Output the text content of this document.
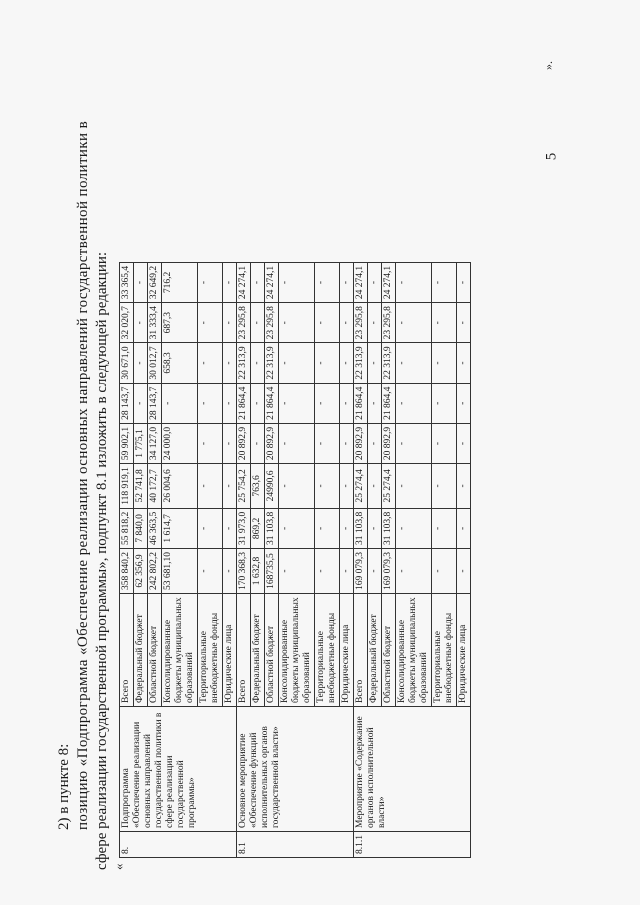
5
2) в пункте 8: позицию «Подпрограмма «Обеспечение реализации основных направлений государственной политики в сфере реализации государственной программы», подпункт 8.1 изложить в следующей редакции: «
8.	Подпрограмма «Обеспечение реализации основных направлений государственной политики в сфере реализации государственной программы»	Всего	358 840,2	55 818,2	118 919,1	59 902,1	28 143,7	30 671,0	32 020,7	33 365,4
		Федеральный бюджет	62 356,9	7 840,0	52 741,8	1 775,1	-	-	-	-
		Областной бюджет	242 802,2	46 363,5	40 172,7	34 127,0	28 143,7	30 012,7	31 333,4	32 649,2
		Консолидированные бюджеты муниципальных образований	53 681,10	1 614,7	26 004,6	24 000,0	-	658,3	687,3	716,2
		Территориальные внебюджетные фонды	-	-	-	-	-	-	-	-
		Юридические лица	-	-	-	-	-	-	-	-
8.1	Основное мероприятие «Обеспечение функций исполнительных органов государственной власти»	Всего	170 368,3	31 973,0	25 754,2	20 892,9	21 864,4	22 313,9	23 295,8	24 274,1
		Федеральный бюджет	1 632,8	869,2	763,6	-	-	-	-	-
		Областной бюджет	168735,5	31 103,8	24990,6	20 892,9	21 864,4	22 313,9	23 295,8	24 274,1
		Консолидированные бюджеты муниципальных образований	-	-	-	-	-	-	-	-
		Территориальные внебюджетные фонды	-	-	-	-	-	-	-	-
		Юридические лица	-	-	-	-	-	-	-	-
8.1.1	Мероприятие «Содержание органов исполнительной власти»	Всего	169 079,3	31 103,8	25 274,4	20 892,9	21 864,4	22 313,9	23 295,8	24 274,1
		Федеральный бюджет	-	-	-	-	-	-	-	-
		Областной бюджет	169 079,3	31 103,8	25 274,4	20 892,9	21 864,4	22 313,9	23 295,8	24 274,1
		Консолидированные бюджеты муниципальных образований	-	-	-	-	-	-	-	-
		Территориальные внебюджетные фонды	-	-	-	-	-	-	-	-
		Юридические лица	-	-	-	-	-	-	-	-
».
